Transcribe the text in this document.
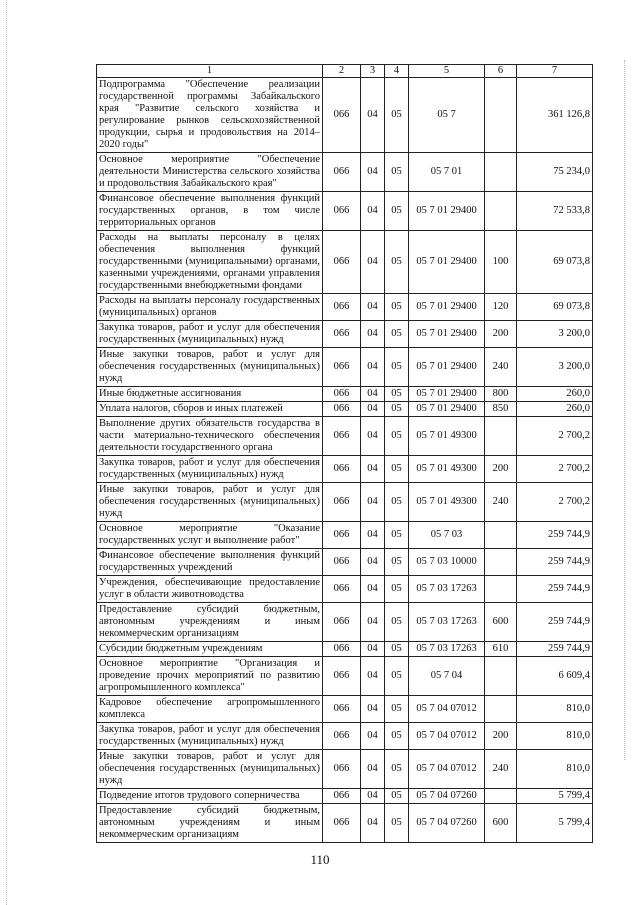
1	2	3	4	5	6	7
Подпрограмма "Обеспечение реализации государственной программы Забайкальского края "Развитие сельского хозяйства и регулирование рынков сельскохозяйственной продукции, сырья и продовольствия на 2014–2020 годы"	066	04	05	05 7		361 126,8
Основное мероприятие "Обеспечение деятельности Министерства сельского хозяйства и продовольствия Забайкальского края"	066	04	05	05 7 01		75 234,0
Финансовое обеспечение выполнения функций государственных органов, в том числе территориальных органов	066	04	05	05 7 01 29400		72 533,8
Расходы на выплаты персоналу в целях обеспечения выполнения функций государственными (муниципальными) органами, казенными учреждениями, органами управления государственными внебюджетными фондами	066	04	05	05 7 01 29400	100	69 073,8
Расходы на выплаты персоналу государственных (муниципальных) органов	066	04	05	05 7 01 29400	120	69 073,8
Закупка товаров, работ и услуг для обеспечения государственных (муниципальных) нужд	066	04	05	05 7 01 29400	200	3 200,0
Иные закупки товаров, работ и услуг для обеспечения государственных (муниципальных) нужд	066	04	05	05 7 01 29400	240	3 200,0
Иные бюджетные ассигнования	066	04	05	05 7 01 29400	800	260,0
Уплата налогов, сборов и иных платежей	066	04	05	05 7 01 29400	850	260,0
Выполнение других обязательств государства в части материально-технического обеспечения деятельности государственного органа	066	04	05	05 7 01 49300		2 700,2
Закупка товаров, работ и услуг для обеспечения государственных (муниципальных) нужд	066	04	05	05 7 01 49300	200	2 700,2
Иные закупки товаров, работ и услуг для обеспечения государственных (муниципальных) нужд	066	04	05	05 7 01 49300	240	2 700,2
Основное мероприятие "Оказание государственных услуг и выполнение работ"	066	04	05	05 7 03		259 744,9
Финансовое обеспечение выполнения функций государственных учреждений	066	04	05	05 7 03 10000		259 744,9
Учреждения, обеспечивающие предоставление услуг в области животноводства	066	04	05	05 7 03 17263		259 744,9
Предоставление субсидий бюджетным, автономным учреждениям и иным некоммерческим организациям	066	04	05	05 7 03 17263	600	259 744,9
Субсидии бюджетным учреждениям	066	04	05	05 7 03 17263	610	259 744,9
Основное мероприятие "Организация и проведение прочих мероприятий по развитию агропромышленного комплекса"	066	04	05	05 7 04		6 609,4
Кадровое обеспечение агропромышленного комплекса	066	04	05	05 7 04 07012		810,0
Закупка товаров, работ и услуг для обеспечения государственных (муниципальных) нужд	066	04	05	05 7 04 07012	200	810,0
Иные закупки товаров, работ и услуг для обеспечения государственных (муниципальных) нужд	066	04	05	05 7 04 07012	240	810,0
Подведение итогов трудового соперничества	066	04	05	05 7 04 07260		5 799,4
Предоставление субсидий бюджетным, автономным учреждениям и иным некоммерческим организациям	066	04	05	05 7 04 07260	600	5 799,4
110
